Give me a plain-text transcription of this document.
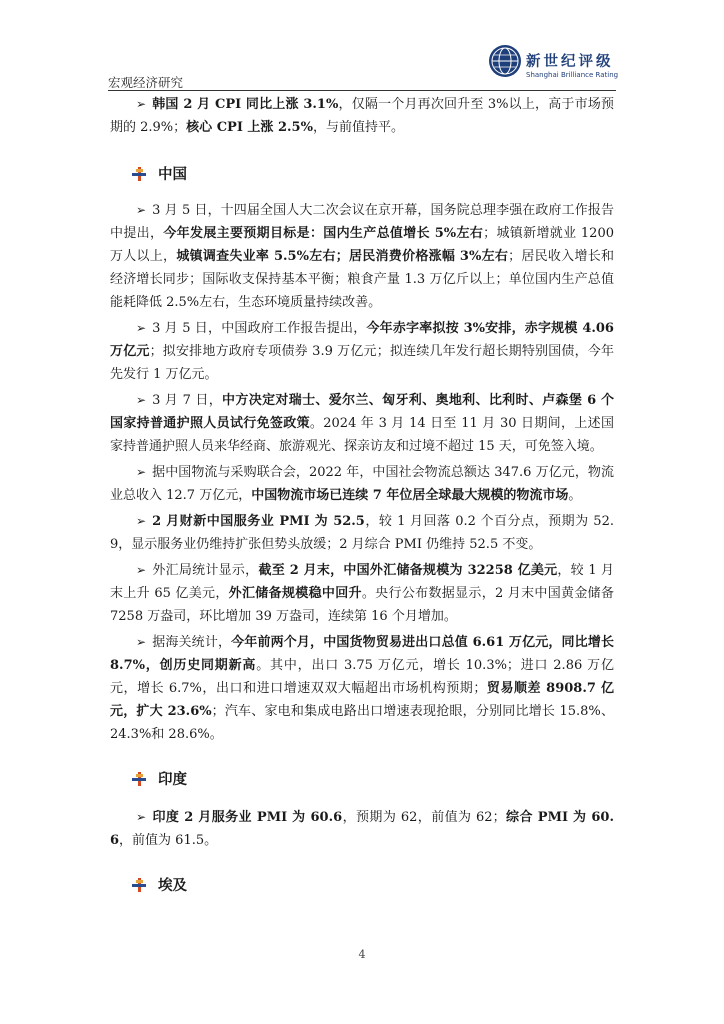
宏观经济研究
新世纪评级
Shanghai Brilliance Rating

➢ 韩国 2 月 CPI 同比上涨 3.1%，仅隔一个月再次回升至 3%以上，高于市场预期的 2.9%；核心 CPI 上涨 2.5%，与前值持平。

中国

➢ 3 月 5 日，十四届全国人大二次会议在京开幕，国务院总理李强在政府工作报告中提出，今年发展主要预期目标是：国内生产总值增长 5%左右；城镇新增就业 1200 万人以上，城镇调查失业率 5.5%左右；居民消费价格涨幅 3%左右；居民收入增长和经济增长同步；国际收支保持基本平衡；粮食产量 1.3 万亿斤以上；单位国内生产总值能耗降低 2.5%左右，生态环境质量持续改善。

➢ 3 月 5 日，中国政府工作报告提出，今年赤字率拟按 3%安排，赤字规模 4.06 万亿元；拟安排地方政府专项债券 3.9 万亿元；拟连续几年发行超长期特别国债，今年先发行 1 万亿元。

➢ 3 月 7 日，中方决定对瑞士、爱尔兰、匈牙利、奥地利、比利时、卢森堡 6 个国家持普通护照人员试行免签政策。2024 年 3 月 14 日至 11 月 30 日期间，上述国家持普通护照人员来华经商、旅游观光、探亲访友和过境不超过 15 天，可免签入境。

➢ 据中国物流与采购联合会，2022 年，中国社会物流总额达 347.6 万亿元，物流业总收入 12.7 万亿元，中国物流市场已连续 7 年位居全球最大规模的物流市场。

➢ 2 月财新中国服务业 PMI 为 52.5，较 1 月回落 0.2 个百分点，预期为 52.9，显示服务业仍维持扩张但势头放缓；2 月综合 PMI 仍维持 52.5 不变。

➢ 外汇局统计显示，截至 2 月末，中国外汇储备规模为 32258 亿美元，较 1 月末上升 65 亿美元，外汇储备规模稳中回升。央行公布数据显示，2 月末中国黄金储备 7258 万盎司，环比增加 39 万盎司，连续第 16 个月增加。

➢ 据海关统计，今年前两个月，中国货物贸易进出口总值 6.61 万亿元，同比增长 8.7%，创历史同期新高。其中，出口 3.75 万亿元，增长 10.3%；进口 2.86 万亿元，增长 6.7%，出口和进口增速双双大幅超出市场机构预期；贸易顺差 8908.7 亿元，扩大 23.6%；汽车、家电和集成电路出口增速表现抢眼，分别同比增长 15.8%、24.3%和 28.6%。

印度

➢ 印度 2 月服务业 PMI 为 60.6，预期为 62，前值为 62；综合 PMI 为 60.6，前值为 61.5。

埃及
4
